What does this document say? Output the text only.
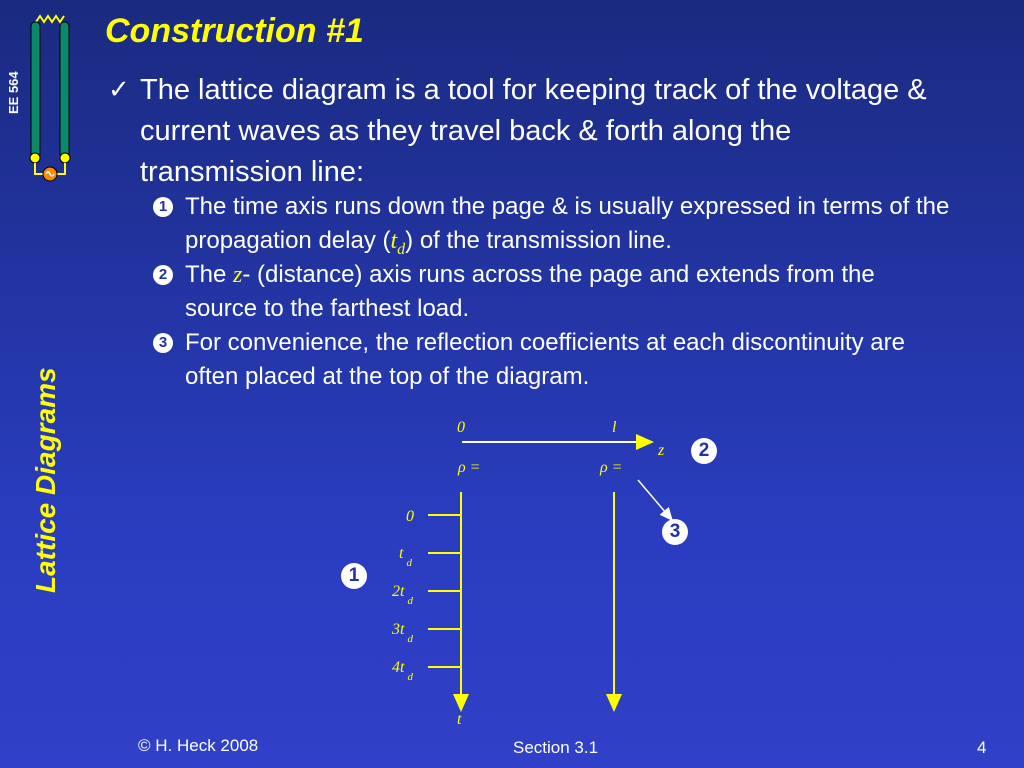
EE 564
Lattice Diagrams
Construction #1
✓ The lattice diagram is a tool for keeping track of the voltage & current waves as they travel back & forth along the transmission line:
1 The time axis runs down the page & is usually expressed in terms of the propagation delay $(t_d)$ of the transmission line.
2 The z- (distance) axis runs across the page and extends from the source to the farthest load.
3 For convenience, the reflection coefficients at each discontinuity are often placed at the top of the diagram.
0	l
z
ρ =	ρ =
0
$t_d$
$2t_d$
$3t_d$
$4t_d$
t
1
2
3
© H. Heck 2008	Section 3.1	4
